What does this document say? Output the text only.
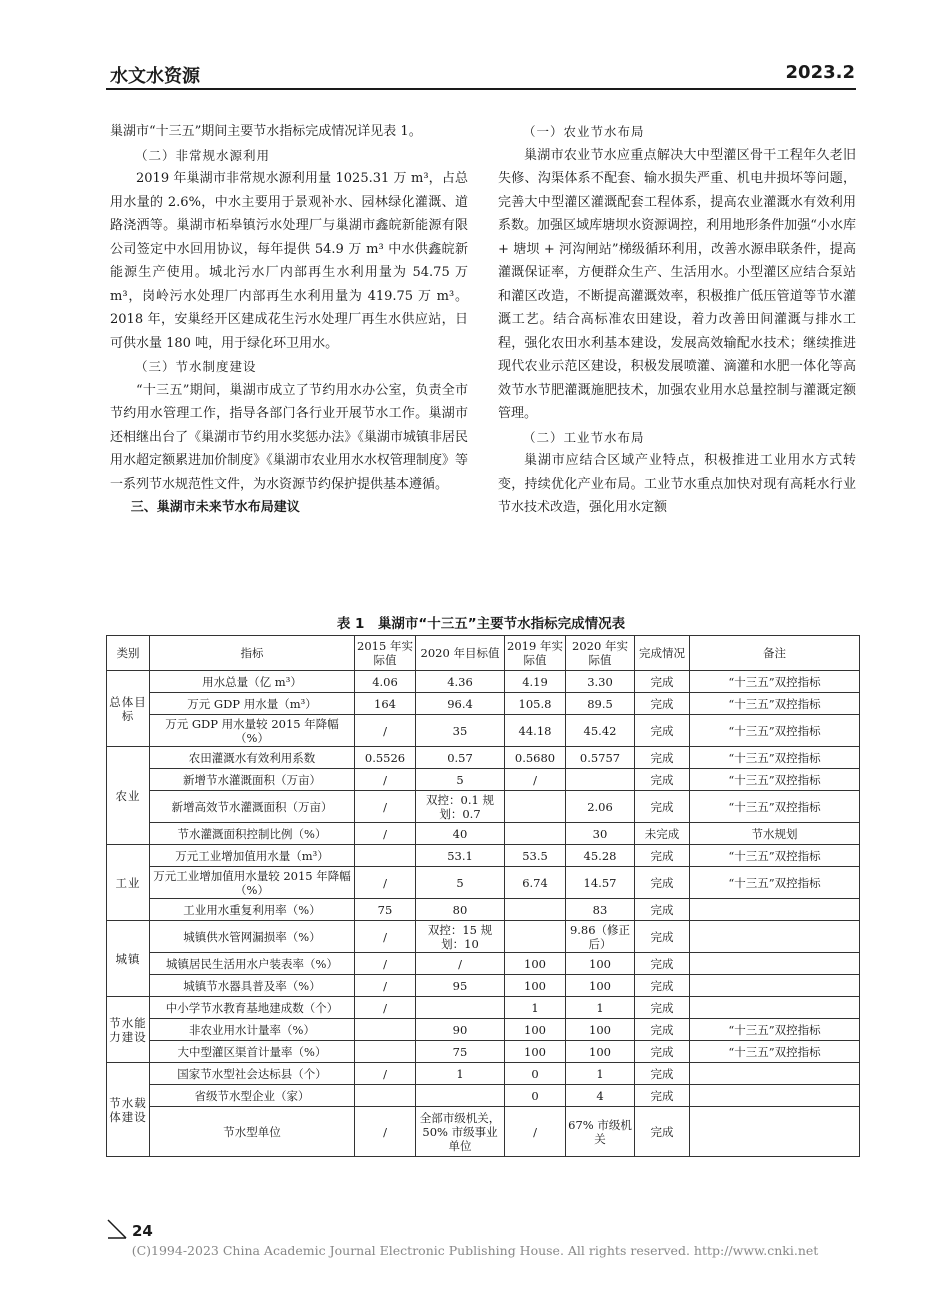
水文水资源	2023.2

巢湖市“十三五”期间主要节水指标完成情况详见表 1。

（二）非常规水源利用

2019 年巢湖市非常规水源利用量 1025.31 万 m³，占总用水量的 2.6%，中水主要用于景观补水、园林绿化灌溉、道路浇洒等。巢湖市柘皋镇污水处理厂与巢湖市鑫皖新能源有限公司签定中水回用协议，每年提供 54.9 万 m³ 中水供鑫皖新能源生产使用。城北污水厂内部再生水利用量为 54.75 万 m³，岗岭污水处理厂内部再生水利用量为 419.75 万 m³。2018 年，安巢经开区建成花生污水处理厂再生水供应站，日可供水量 180 吨，用于绿化环卫用水。

（三）节水制度建设

“十三五”期间，巢湖市成立了节约用水办公室，负责全市节约用水管理工作，指导各部门各行业开展节水工作。巢湖市还相继出台了《巢湖市节约用水奖惩办法》《巢湖市城镇非居民用水超定额累进加价制度》《巢湖市农业用水水权管理制度》等一系列节水规范性文件，为水资源节约保护提供基本遵循。

三、巢湖市未来节水布局建议

（一）农业节水布局

巢湖市农业节水应重点解决大中型灌区骨干工程年久老旧失修、沟渠体系不配套、输水损失严重、机电井损坏等问题，完善大中型灌区灌溉配套工程体系，提高农业灌溉水有效利用系数。加强区域库塘坝水资源调控，利用地形条件加强“小水库 + 塘坝 + 河沟闸站”梯级循环利用，改善水源串联条件，提高灌溉保证率，方便群众生产、生活用水。小型灌区应结合泵站和灌区改造，不断提高灌溉效率，积极推广低压管道等节水灌溉工艺。结合高标准农田建设，着力改善田间灌溉与排水工程，强化农田水利基本建设，发展高效输配水技术；继续推进现代农业示范区建设，积极发展喷灌、滴灌和水肥一体化等高效节水节肥灌溉施肥技术，加强农业用水总量控制与灌溉定额管理。

（二）工业节水布局

巢湖市应结合区域产业特点，积极推进工业用水方式转变，持续优化产业布局。工业节水重点加快对现有高耗水行业节水技术改造，强化用水定额

表 1　巢湖市“十三五”主要节水指标完成情况表
类别	指标	2015 年实际值	2020 年目标值	2019 年实际值	2020 年实际值	完成情况	备注
总体目标	用水总量（亿 m³）	4.06	4.36	4.19	3.30	完成	“十三五”双控指标
	万元 GDP 用水量（m³）	164	96.4	105.8	89.5	完成	“十三五”双控指标
	万元 GDP 用水量较 2015 年降幅（%）	/	35	44.18	45.42	完成	“十三五”双控指标
农业	农田灌溉水有效利用系数	0.5526	0.57	0.5680	0.5757	完成	“十三五”双控指标
	新增节水灌溉面积（万亩）	/	5	/		完成	“十三五”双控指标
	新增高效节水灌溉面积（万亩）	/	双控：0.1 规划：0.7		2.06	完成	“十三五”双控指标
	节水灌溉面积控制比例（%）	/	40		30	未完成	节水规划
工业	万元工业增加值用水量（m³）		53.1	53.5	45.28	完成	“十三五”双控指标
	万元工业增加值用水量较 2015 年降幅（%）	/	5	6.74	14.57	完成	“十三五”双控指标
	工业用水重复利用率（%）	75	80		83	完成	
城镇	城镇供水管网漏损率（%）	/	双控：15 规划：10		9.86（修正后）	完成	
	城镇居民生活用水户装表率（%）	/	/	100	100	完成	
	城镇节水器具普及率（%）	/	95	100	100	完成	
节水能力建设	中小学节水教育基地建成数（个）	/		1	1	完成	
	非农业用水计量率（%）		90	100	100	完成	“十三五”双控指标
	大中型灌区渠首计量率（%）		75	100	100	完成	“十三五”双控指标
节水载体建设	国家节水型社会达标县（个）	/	1	0	1	完成	
	省级节水型企业（家）			0	4	完成	
	节水型单位	/	全部市级机关，50% 市级事业单位	/	67% 市级机关	完成	
24
(C)1994-2023 China Academic Journal Electronic Publishing House. All rights reserved. http://www.cnki.net
